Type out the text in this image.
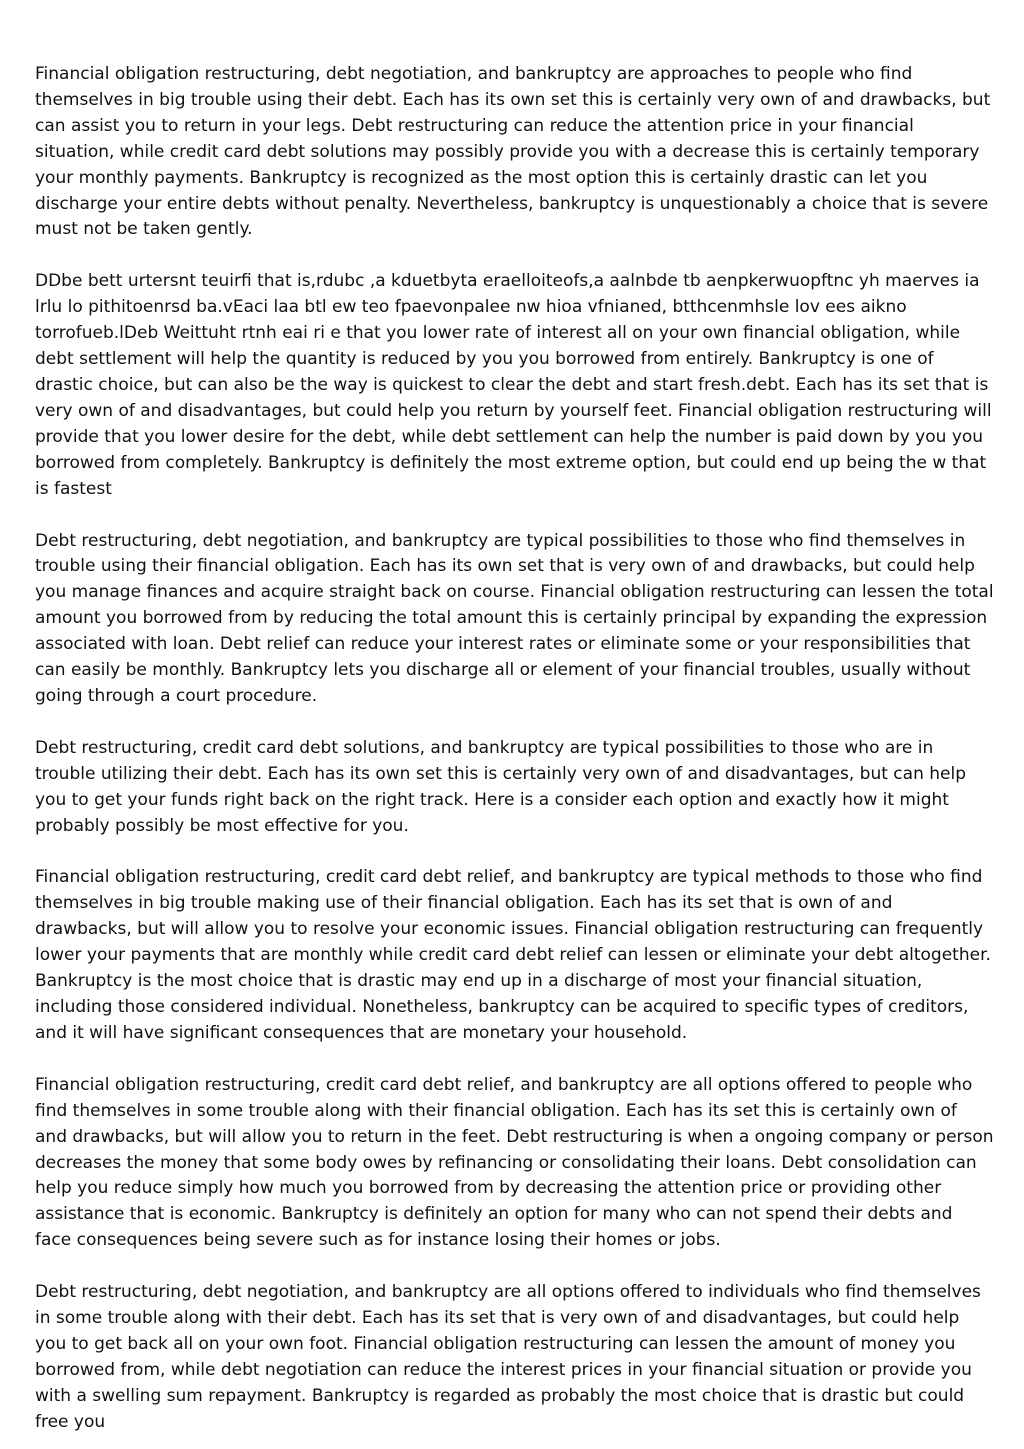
Financial obligation restructuring, debt negotiation, and bankruptcy are approaches to people who find themselves in big trouble using their debt. Each has its own set this is certainly very own of and drawbacks, but can assist you to return in your legs. Debt restructuring can reduce the attention price in your financial situation, while credit card debt solutions may possibly provide you with a decrease this is certainly temporary your monthly payments. Bankruptcy is recognized as the most option this is certainly drastic can let you discharge your entire debts without penalty. Nevertheless, bankruptcy is unquestionably a choice that is severe must not be taken gently.

DDbe bett urtersnt teuirfi that is,rdubc ,a kduetbyta eraelloiteofs,a aalnbde tb aenpkerwuopftnc yh maerves ia lrlu lo pithitoenrsd ba.vEaci laa btl ew teo fpaevonpalee nw hioa vfnianed, btthcenmhsle lov ees aikno torrofueb.lDeb Weittuht rtnh eai ri e that you lower rate of interest all on your own financial obligation, while debt settlement will help the quantity is reduced by you you borrowed from entirely. Bankruptcy is one of drastic choice, but can also be the way is quickest to clear the debt and start fresh.debt. Each has its set that is very own of and disadvantages, but could help you return by yourself feet. Financial obligation restructuring will provide that you lower desire for the debt, while debt settlement can help the number is paid down by you you borrowed from completely. Bankruptcy is definitely the most extreme option, but could end up being the w that is fastest

Debt restructuring, debt negotiation, and bankruptcy are typical possibilities to those who find themselves in trouble using their financial obligation. Each has its own set that is very own of and drawbacks, but could help you manage finances and acquire straight back on course. Financial obligation restructuring can lessen the total amount you borrowed from by reducing the total amount this is certainly principal by expanding the expression associated with loan. Debt relief can reduce your interest rates or eliminate some or your responsibilities that can easily be monthly. Bankruptcy lets you discharge all or element of your financial troubles, usually without going through a court procedure.

Debt restructuring, credit card debt solutions, and bankruptcy are typical possibilities to those who are in trouble utilizing their debt. Each has its own set this is certainly very own of and disadvantages, but can help you to get your funds right back on the right track. Here is a consider each option and exactly how it might probably possibly be most effective for you.

Financial obligation restructuring, credit card debt relief, and bankruptcy are typical methods to those who find themselves in big trouble making use of their financial obligation. Each has its set that is own of and drawbacks, but will allow you to resolve your economic issues. Financial obligation restructuring can frequently lower your payments that are monthly while credit card debt relief can lessen or eliminate your debt altogether. Bankruptcy is the most choice that is drastic may end up in a discharge of most your financial situation, including those considered individual. Nonetheless, bankruptcy can be acquired to specific types of creditors, and it will have significant consequences that are monetary your household.

Financial obligation restructuring, credit card debt relief, and bankruptcy are all options offered to people who find themselves in some trouble along with their financial obligation. Each has its set this is certainly own of and drawbacks, but will allow you to return in the feet. Debt restructuring is when a ongoing company or person decreases the money that some body owes by refinancing or consolidating their loans. Debt consolidation can help you reduce simply how much you borrowed from by decreasing the attention price or providing other assistance that is economic. Bankruptcy is definitely an option for many who can not spend their debts and face consequences being severe such as for instance losing their homes or jobs.

Debt restructuring, debt negotiation, and bankruptcy are all options offered to individuals who find themselves in some trouble along with their debt. Each has its set that is very own of and disadvantages, but could help you to get back all on your own foot. Financial obligation restructuring can lessen the amount of money you borrowed from, while debt negotiation can reduce the interest prices in your financial situation or provide you with a swelling sum repayment. Bankruptcy is regarded as probably the most choice that is drastic but could free you
